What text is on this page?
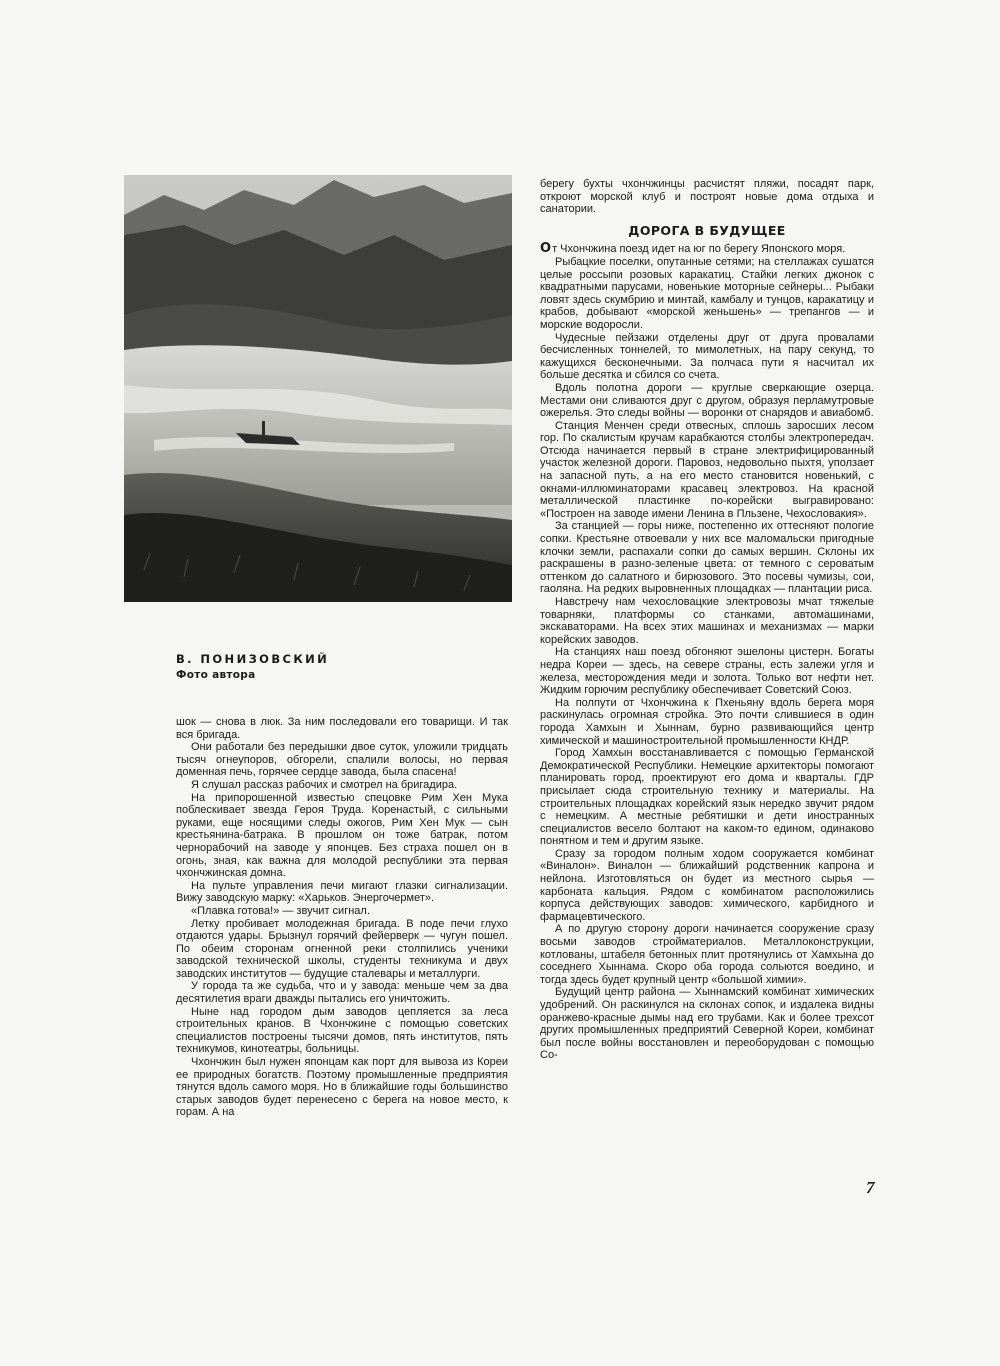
В. ПОНИЗОВСКИЙ
Фото автора

шок — снова в люк. За ним последовали его товарищи. И так вся бригада.

Они работали без передышки двое суток, уложили тридцать тысяч огнеупоров, обгорели, спалили волосы, но первая доменная печь, горячее сердце завода, была спасена!

Я слушал рассказ рабочих и смотрел на бригадира.

На припорошенной известью спецовке Рим Хен Мука поблескивает звезда Героя Труда. Коренастый, с сильными руками, еще носящими следы ожогов, Рим Хен Мук — сын крестьянина-батрака. В прошлом он тоже батрак, потом чернорабочий на заводе у японцев. Без страха пошел он в огонь, зная, как важна для молодой республики эта первая чхончжинская домна.

На пульте управления печи мигают глазки сигнализации. Вижу заводскую марку: «Харьков. Энергочермет».

«Плавка готова!» — звучит сигнал.

Летку пробивает молодежная бригада. В поде печи глухо отдаются удары. Брызнул горячий фейерверк — чугун пошел. По обеим сторонам огненной реки столпились ученики заводской технической школы, студенты техникума и двух заводских институтов — будущие сталевары и металлурги.

У города та же судьба, что и у завода: меньше чем за два десятилетия враги дважды пытались его уничтожить.

Ныне над городом дым заводов цепляется за леса строительных кранов. В Чхончжине с помощью советских специалистов построены тысячи домов, пять институтов, пять техникумов, кинотеатры, больницы.

Чхончжин был нужен японцам как порт для вывоза из Кореи ее природных богатств. Поэтому промышленные предприятия тянутся вдоль самого моря. Но в ближайшие годы большинство старых заводов будет перенесено с берега на новое место, к горам. А на

берегу бухты чхончжинцы расчистят пляжи, посадят парк, откроют морской клуб и построят новые дома отдыха и санатории.

ДОРОГА В БУДУЩЕЕ

От Чхончжина поезд идет на юг по берегу Японского моря.

Рыбацкие поселки, опутанные сетями; на стеллажах сушатся целые россыпи розовых каракатиц. Стайки легких джонок с квадратными парусами, новенькие моторные сейнеры... Рыбаки ловят здесь скумбрию и минтай, камбалу и тунцов, каракатицу и крабов, добывают «морской женьшень» — трепангов — и морские водоросли.

Чудесные пейзажи отделены друг от друга провалами бесчисленных тоннелей, то мимолетных, на пару секунд, то кажущихся бесконечными. За полчаса пути я насчитал их больше десятка и сбился со счета.

Вдоль полотна дороги — круглые сверкающие озерца. Местами они сливаются друг с другом, образуя перламутровые ожерелья. Это следы войны — воронки от снарядов и авиабомб.

Станция Менчен среди отвесных, сплошь заросших лесом гор. По скалистым кручам карабкаются столбы электропередач. Отсюда начинается первый в стране электрифицированный участок железной дороги. Паровоз, недовольно пыхтя, уползает на запасной путь, а на его место становится новенький, с окнами-иллюминаторами красавец электровоз. На красной металлической пластинке по-корейски выгравировано: «Построен на заводе имени Ленина в Пльзене, Чехословакия».

За станцией — горы ниже, постепенно их оттесняют пологие сопки. Крестьяне отвоевали у них все маломальски пригодные клочки земли, распахали сопки до самых вершин. Склоны их раскрашены в разно-зеленые цвета: от темного с сероватым оттенком до салатного и бирюзового. Это посевы чумизы, сои, гаоляна. На редких выровненных площадках — плантации риса.

Навстречу нам чехословацкие электровозы мчат тяжелые товарняки, платформы со станками, автомашинами, экскаваторами. На всех этих машинах и механизмах — марки корейских заводов.

На станциях наш поезд обгоняют эшелоны цистерн. Богаты недра Кореи — здесь, на севере страны, есть залежи угля и железа, месторождения меди и золота. Только вот нефти нет. Жидким горючим республику обеспечивает Советский Союз.

На полпути от Чхончжина к Пхеньяну вдоль берега моря раскинулась огромная стройка. Это почти слившиеся в один города Хамхын и Хыннам, бурно развивающийся центр химической и машиностроительной промышленности КНДР.

Город Хамхын восстанавливается с помощью Германской Демократической Республики. Немецкие архитекторы помогают планировать город, проектируют его дома и кварталы. ГДР присылает сюда строительную технику и материалы. На строительных площадках корейский язык нередко звучит рядом с немецким. А местные ребятишки и дети иностранных специалистов весело болтают на каком-то едином, одинаково понятном и тем и другим языке.

Сразу за городом полным ходом сооружается комбинат «Виналон». Виналон — ближайший родственник капрона и нейлона. Изготовляться он будет из местного сырья — карбоната кальция. Рядом с комбинатом расположились корпуса действующих заводов: химического, карбидного и фармацевтического.

А по другую сторону дороги начинается сооружение сразу восьми заводов стройматериалов. Металлоконструкции, котлованы, штабеля бетонных плит протянулись от Хамхына до соседнего Хыннама. Скоро оба города сольются воедино, и тогда здесь будет крупный центр «большой химии».

Будущий центр района — Хыннамский комбинат химических удобрений. Он раскинулся на склонах сопок, и издалека видны оранжево-красные дымы над его трубами. Как и более трехсот других промышленных предприятий Северной Кореи, комбинат был после войны восстановлен и переоборудован с помощью Со-

7
